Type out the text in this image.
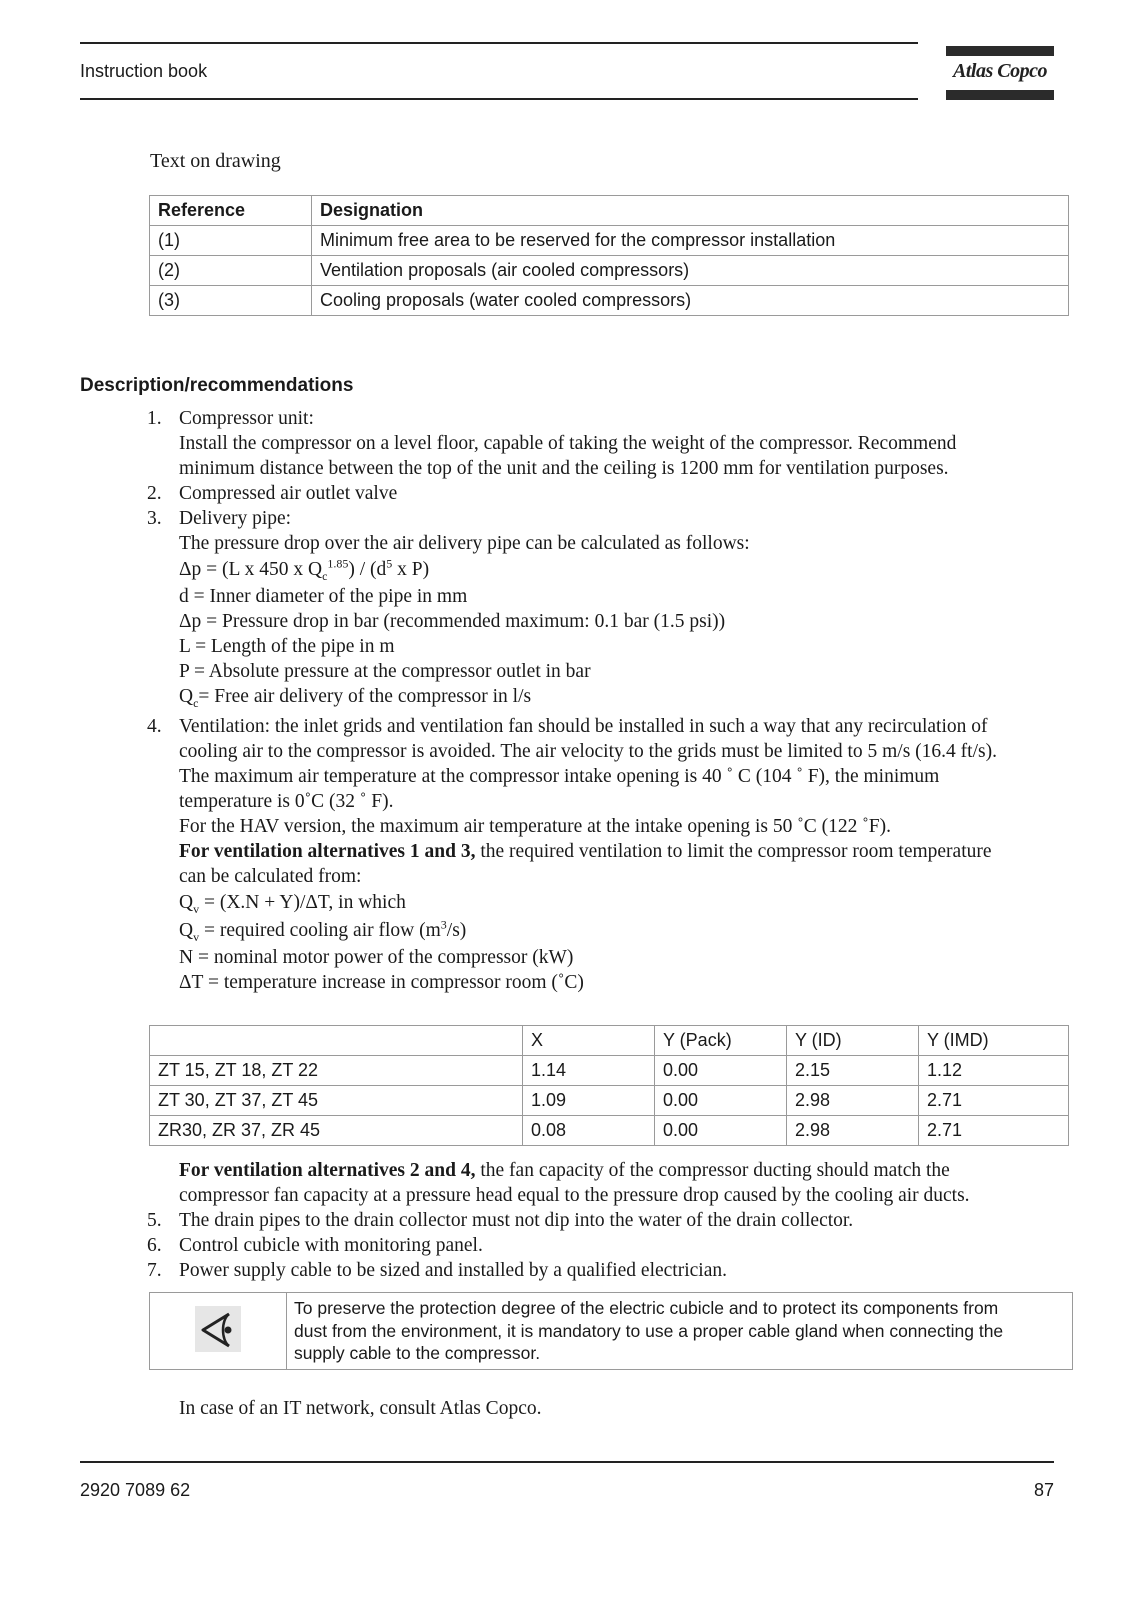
Instruction book	Atlas Copco
Text on drawing
Reference	Designation
(1)	Minimum free area to be reserved for the compressor installation
(2)	Ventilation proposals (air cooled compressors)
(3)	Cooling proposals (water cooled compressors)
Description/recommendations
1. Compressor unit:
Install the compressor on a level floor, capable of taking the weight of the compressor. Recommend
minimum distance between the top of the unit and the ceiling is 1200 mm for ventilation purposes.
2. Compressed air outlet valve
3. Delivery pipe:
The pressure drop over the air delivery pipe can be calculated as follows:
Δp = (L x 450 x $Q_c^{1.85}) / (d^5$ x P)
d = Inner diameter of the pipe in mm
Δp = Pressure drop in bar (recommended maximum: 0.1 bar (1.5 psi))
L = Length of the pipe in m
P = Absolute pressure at the compressor outlet in bar
$Q_c=$ Free air delivery of the compressor in l/s
4. Ventilation: the inlet grids and ventilation fan should be installed in such a way that any recirculation of
cooling air to the compressor is avoided. The air velocity to the grids must be limited to 5 m/s (16.4 ft/s).
The maximum air temperature at the compressor intake opening is 40 ˚ C (104 ˚ F), the minimum
temperature is 0˚C (32 ˚ F).
For the HAV version, the maximum air temperature at the intake opening is 50 ˚C (122 ˚F).
For ventilation alternatives 1 and 3, the required ventilation to limit the compressor room temperature
can be calculated from:
$Q_v = (X.N + Y)/\Delta T$, in which
$Q_v$ = required cooling air flow $(m^3/s)$
N = nominal motor power of the compressor (kW)
ΔT = temperature increase in compressor room (˚C)
	X	Y (Pack)	Y (ID)	Y (IMD)
ZT 15, ZT 18, ZT 22	1.14	0.00	2.15	1.12
ZT 30, ZT 37, ZT 45	1.09	0.00	2.98	2.71
ZR30, ZR 37, ZR 45	0.08	0.00	2.98	2.71
For ventilation alternatives 2 and 4, the fan capacity of the compressor ducting should match the
compressor fan capacity at a pressure head equal to the pressure drop caused by the cooling air ducts.
5. The drain pipes to the drain collector must not dip into the water of the drain collector.
6. Control cubicle with monitoring panel.
7. Power supply cable to be sized and installed by a qualified electrician.
To preserve the protection degree of the electric cubicle and to protect its components from
dust from the environment, it is mandatory to use a proper cable gland when connecting the
supply cable to the compressor.
In case of an IT network, consult Atlas Copco.
2920 7089 62	87
